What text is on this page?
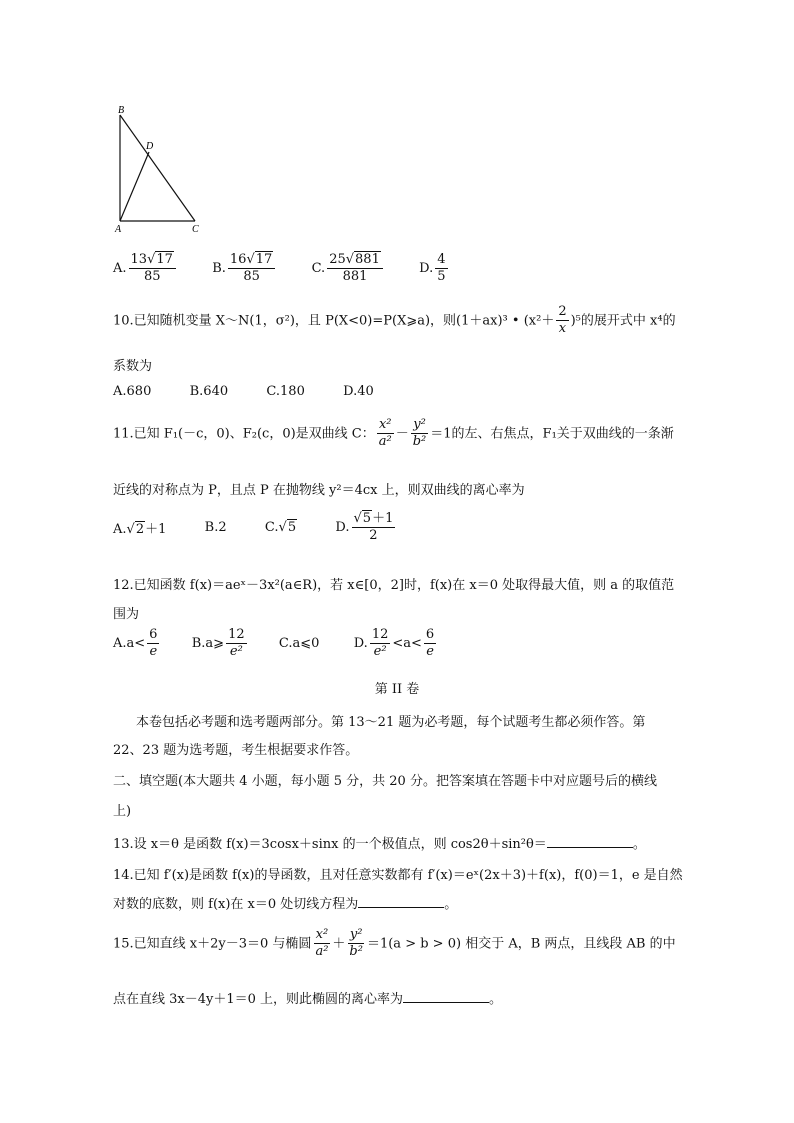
B
D
A	C
A. $\frac{13√17}{85}$	B. $\frac{16√17}{85}$	C. $\frac{25√881}{881}$	D. $\frac{4}{5}$
10.已知随机变量 X～N(1，σ²)，且 P(X<0)=P(X⩾a)，则(1＋ax)³ • $(x^2+ \frac{2}{x} )^5$的展开式中 x⁴的
系数为
A.680	B.640	C.180	D.40
11.已知 F₁(－c，0)、F₂(c，0)是双曲线 C： $\frac{\text{x²}}{\text{a²}} - \frac{\text{y²}}{\text{b²}} =1$的左、右焦点，F₁关于双曲线的一条渐
近线的对称点为 P，且点 P 在抛物线 y²＝4cx 上，则双曲线的离心率为
A.√2＋1	B.2	C.√5	D. $\frac{√5+1}{2}$
12.已知函数 f(x)＝aeˣ－3x²(a∈R)，若 x∈[0，2]时，f(x)在 x＝0 处取得最大值，则 a 的取值范
围为
$A.a< \frac{6}{e}$ B.a⩾ $\frac{12}{\text{e²}}$ C.a⩽0	D. $\frac{12}{\text{e²}} <a< \frac{6}{e}$
第 II 卷
本卷包括必考题和选考题两部分。第 13～21 题为必考题，每个试题考生都必须作答。第
22、23 题为选考题，考生根据要求作答。
二、填空题(本大题共 4 小题，每小题 5 分，共 20 分。把答案填在答题卡中对应题号后的横线
上)
13.设 x＝θ 是函数 f(x)＝3cosx＋sinx 的一个极值点，则 cos2θ＋sin²θ＝	。
14.已知 f′(x)是函数 f(x)的导函数，且对任意实数都有 f′(x)＝eˣ(2x＋3)＋f(x)，f(0)＝1，e 是自然
对数的底数，则 f(x)在 x＝0 处切线方程为	。
15.已知直线 x＋2y－3＝0 与椭圆 $\frac{\text{x²}}{\text{a²}} + \frac{\text{y²}}{\text{b²}} =1(a > b > 0)$ 相交于 A，B 两点，且线段 AB 的中
点在直线 3x－4y＋1＝0 上，则此椭圆的离心率为	。
